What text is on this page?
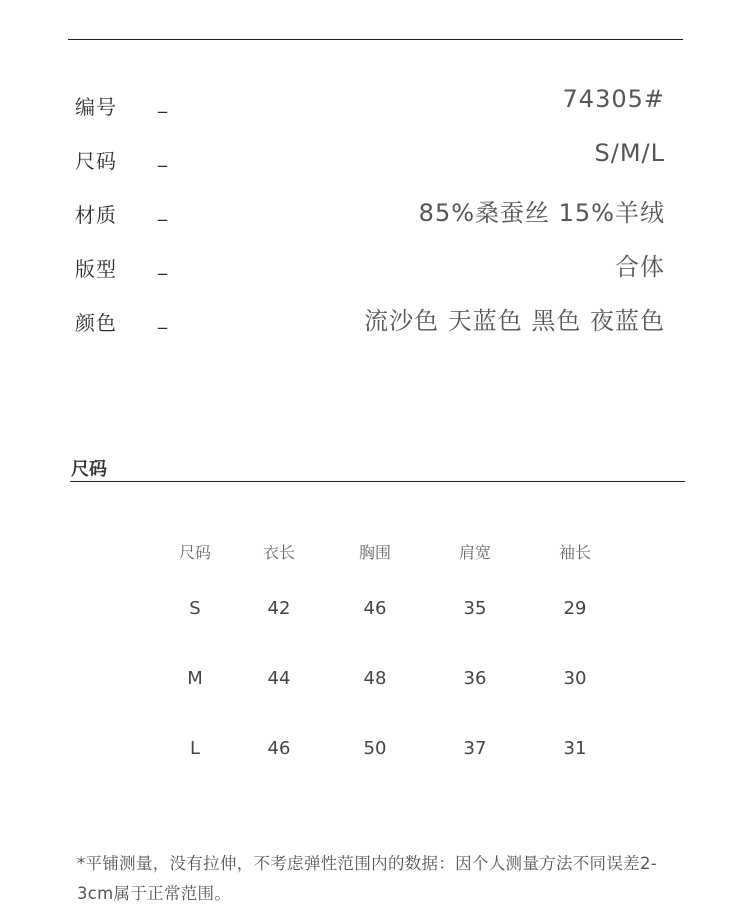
编号 _	74305#
尺码 _	S/M/L
材质 _	85%桑蚕丝 15%羊绒
版型 _	合体
颜色 _	流沙色 天蓝色 黑色 夜蓝色
尺码
尺码	衣长	胸围	肩宽	袖长
S	42	46	35	29
M	44	48	36	30
L	46	50	37	31
*平铺测量，没有拉伸，不考虑弹性范围内的数据：因个人测量方法不同误差2-3cm属于正常范围。
